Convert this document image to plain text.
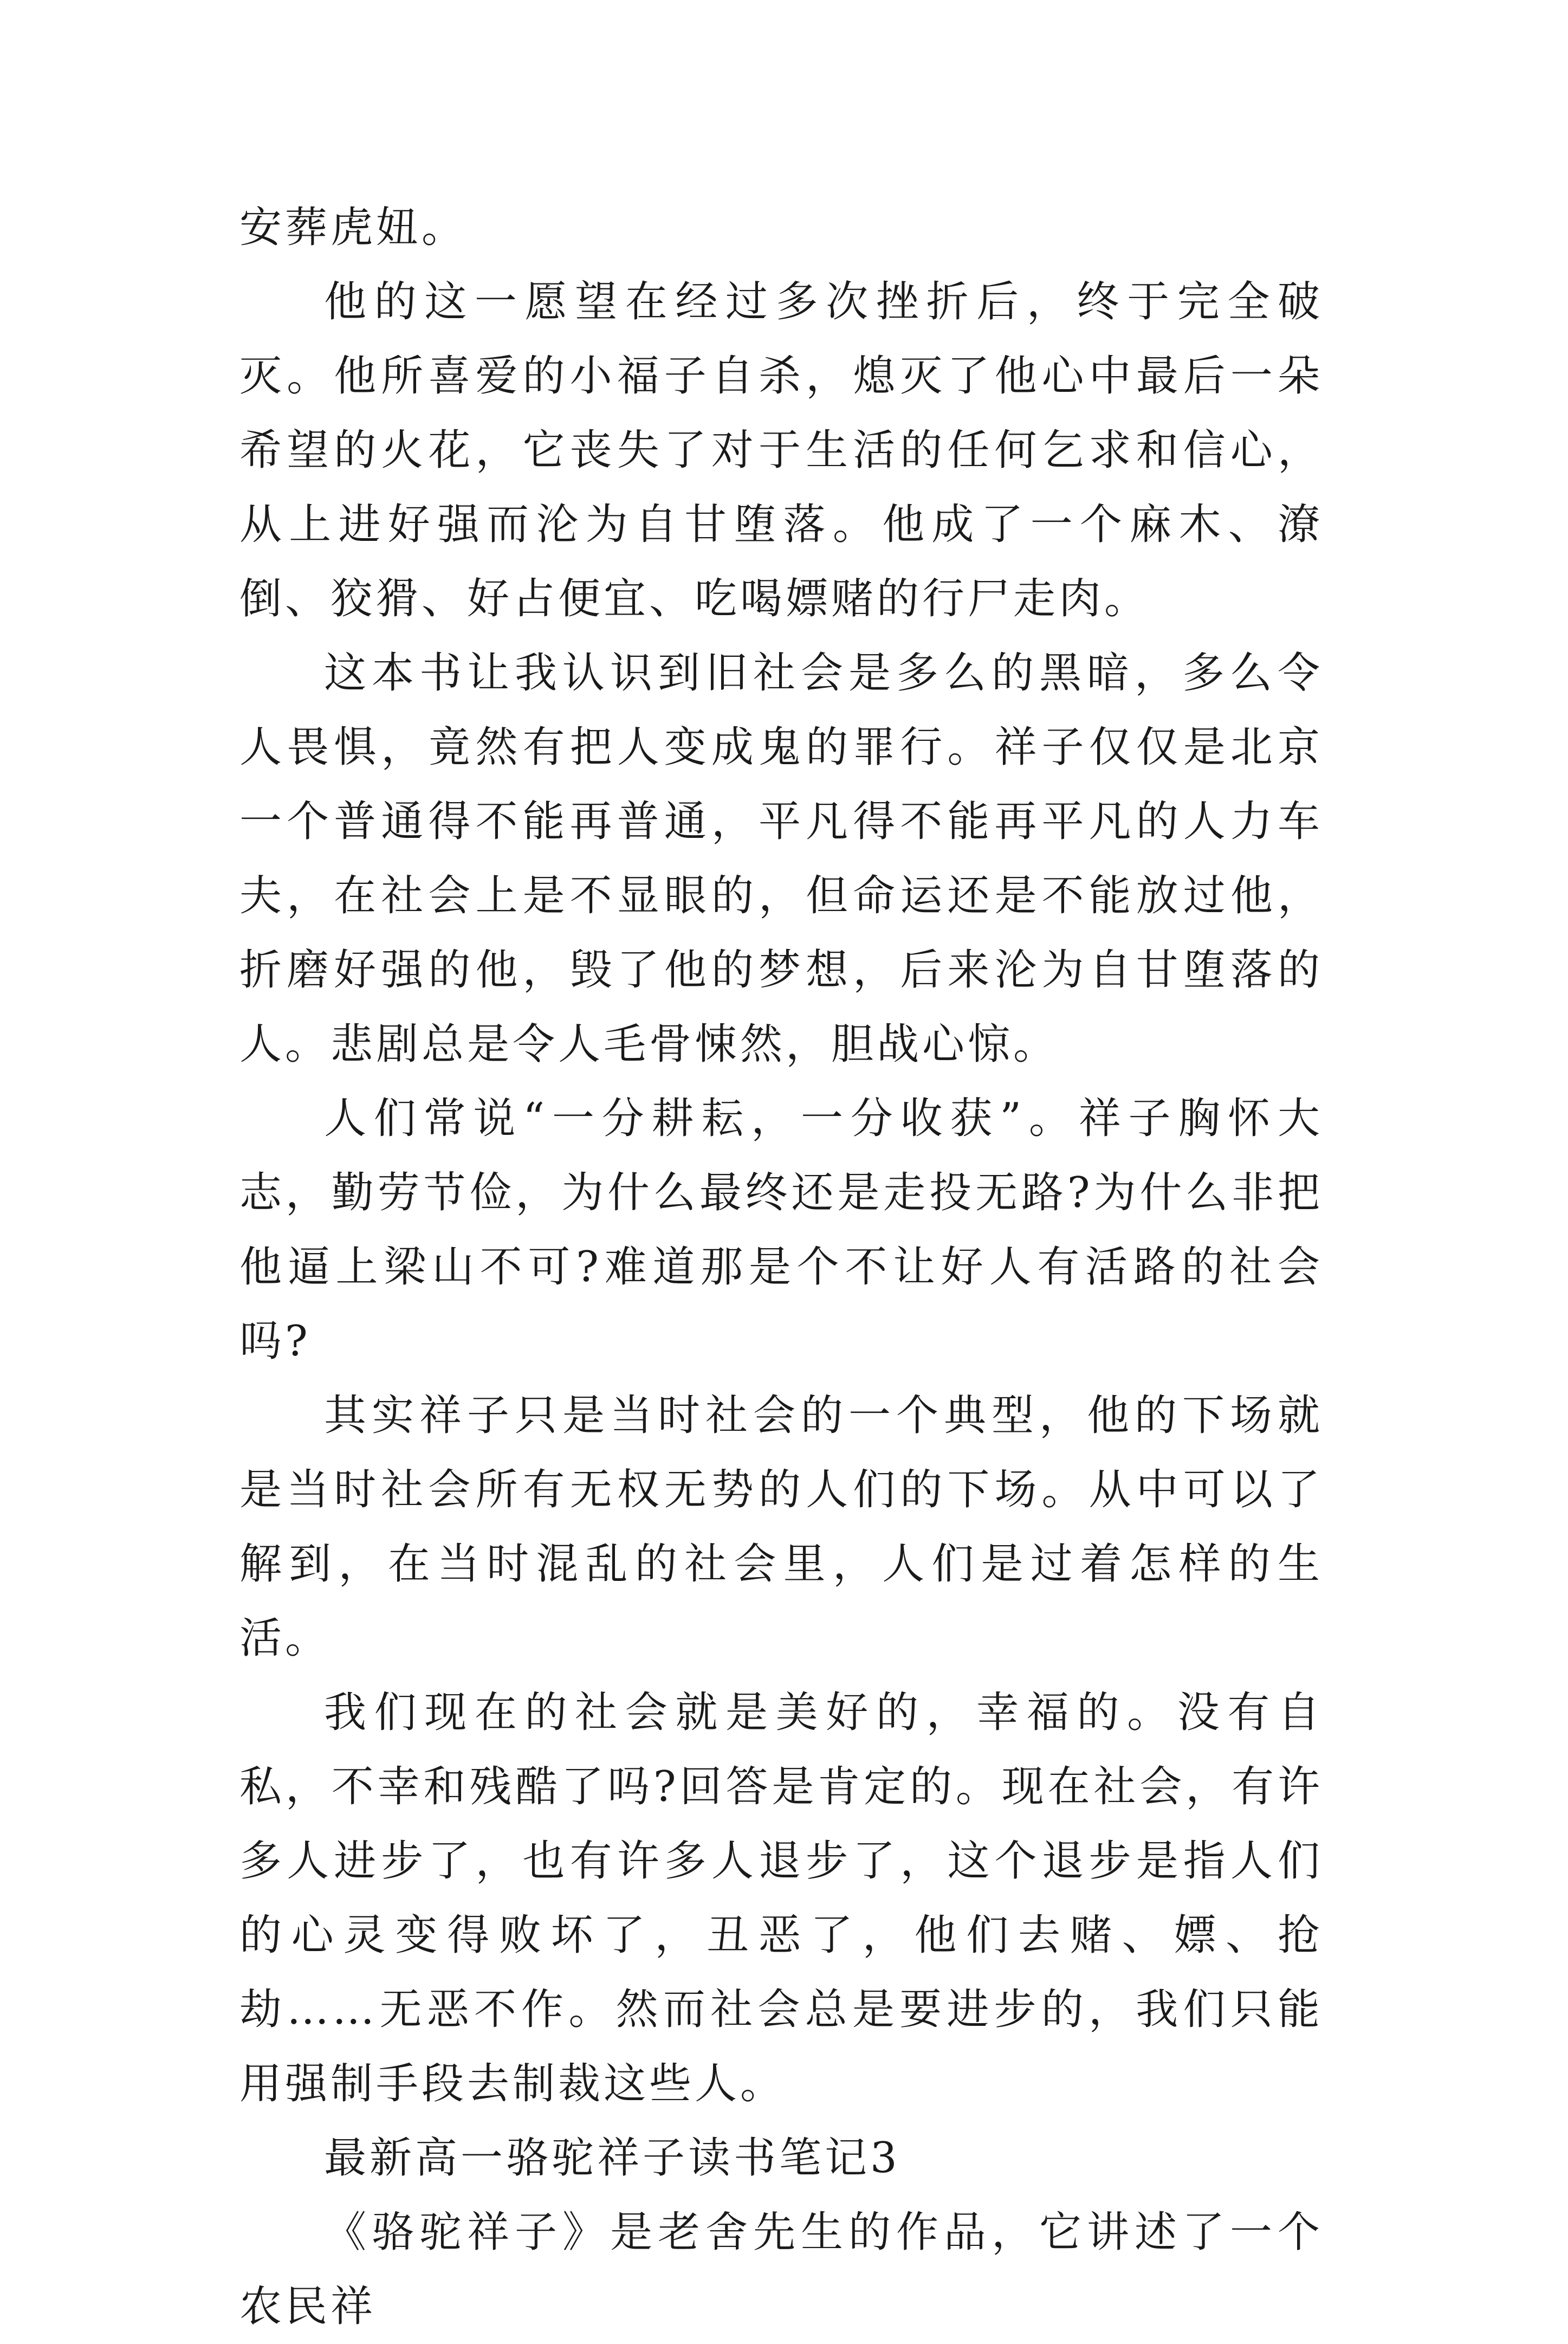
安葬虎妞。

他的这一愿望在经过多次挫折后，终于完全破灭。他所喜爱的小福子自杀，熄灭了他心中最后一朵希望的火花，它丧失了对于生活的任何乞求和信心，从上进好强而沦为自甘堕落。他成了一个麻木、潦倒、狡猾、好占便宜、吃喝嫖赌的行尸走肉。

这本书让我认识到旧社会是多么的黑暗，多么令人畏惧，竟然有把人变成鬼的罪行。祥子仅仅是北京一个普通得不能再普通，平凡得不能再平凡的人力车夫，在社会上是不显眼的，但命运还是不能放过他，折磨好强的他，毁了他的梦想，后来沦为自甘堕落的人。悲剧总是令人毛骨悚然，胆战心惊。

人们常说“一分耕耘，一分收获”。祥子胸怀大志，勤劳节俭，为什么最终还是走投无路?为什么非把他逼上梁山不可?难道那是个不让好人有活路的社会吗?

其实祥子只是当时社会的一个典型，他的下场就是当时社会所有无权无势的人们的下场。从中可以了解到，在当时混乱的社会里，人们是过着怎样的生活。

我们现在的社会就是美好的，幸福的。没有自私，不幸和残酷了吗?回答是肯定的。现在社会，有许多人进步了，也有许多人退步了，这个退步是指人们的心灵变得败坏了，丑恶了，他们去赌、嫖、抢劫……无恶不作。然而社会总是要进步的，我们只能用强制手段去制裁这些人。

最新高一骆驼祥子读书笔记3

《骆驼祥子》是老舍先生的作品，它讲述了一个农民祥
